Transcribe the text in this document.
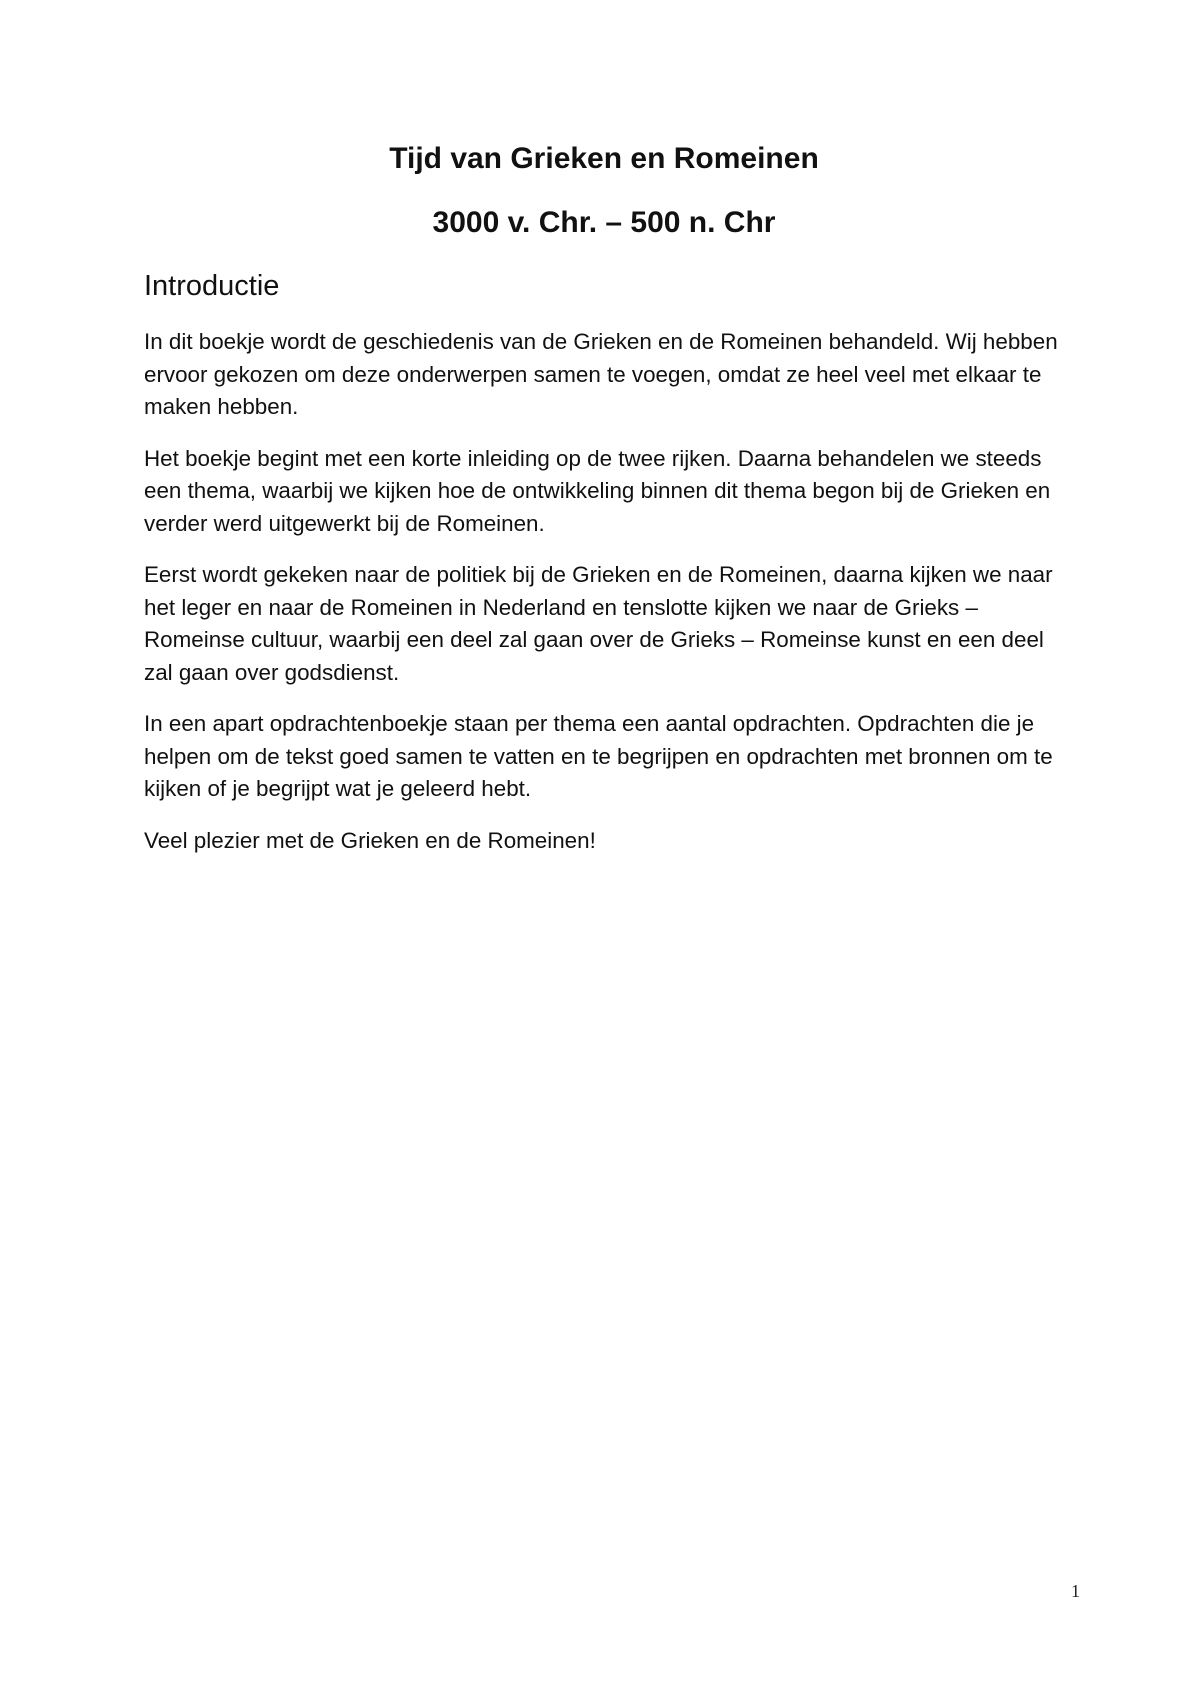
Tijd van Grieken en Romeinen
3000 v. Chr. – 500 n. Chr
Introductie

In dit boekje wordt de geschiedenis van de Grieken en de Romeinen behandeld. Wij hebben ervoor gekozen om deze onderwerpen samen te voegen, omdat ze heel veel met elkaar te maken hebben.

Het boekje begint met een korte inleiding op de twee rijken. Daarna behandelen we steeds een thema, waarbij we kijken hoe de ontwikkeling binnen dit thema begon bij de Grieken en verder werd uitgewerkt bij de Romeinen.

Eerst wordt gekeken naar de politiek bij de Grieken en de Romeinen, daarna kijken we naar het leger en naar de Romeinen in Nederland en tenslotte kijken we naar de Grieks – Romeinse cultuur, waarbij een deel zal gaan over de Grieks – Romeinse kunst en een deel zal gaan over godsdienst.

In een apart opdrachtenboekje staan per thema een aantal opdrachten. Opdrachten die je helpen om de tekst goed samen te vatten en te begrijpen en opdrachten met bronnen om te kijken of je begrijpt wat je geleerd hebt.

Veel plezier met de Grieken en de Romeinen!

1
